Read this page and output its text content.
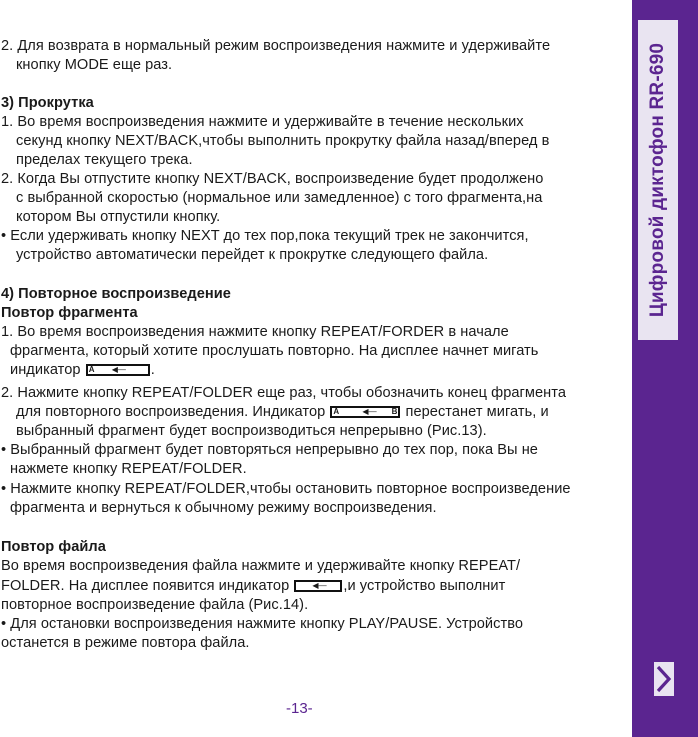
2. Для возврата в нормальный режим воспроизведения нажмите и удерживайте
кнопку MODE еще раз.
3) Прокрутка
1. Во время воспроизведения нажмите и удерживайте в течение нескольких
секунд кнопку NEXT/BACK,чтобы выполнить прокрутку файла назад/вперед в
пределах текущего трека.
2. Когда Вы отпустите кнопку NEXT/BACK, воспроизведение будет продолжено
с выбранной скоростью (нормальное или замедленное) с того фрагмента,на
котором Вы отпустили кнопку.
• Если удерживать кнопку NEXT до тех пор,пока текущий трек не закончится,
устройство автоматически перейдет к прокрутке следующего файла.
4) Повторное воспроизведение
Повтор фрагмента
1. Во время воспроизведения нажмите кнопку REPEAT/FORDER в начале
фрагмента, который хотите прослушать повторно. На дисплее начнет мигать
индикатор A ◀— .
2. Нажмите кнопку REPEAT/FOLDER еще раз, чтобы обозначить конец фрагмента
для повторного воспроизведения. Индикатор A	◀— B перестанет мигать, и
выбранный фрагмент будет воспроизводиться непрерывно (Рис.13).
• Выбранный фрагмент будет повторяться непрерывно до тех пор, пока Вы не
нажмете кнопку REPEAT/FOLDER.
• Нажмите кнопку REPEAT/FOLDER,чтобы остановить повторное воспроизведение
фрагмента и вернуться к обычному режиму воспроизведения.
Повтор файла
Во время воспроизведения файла нажмите и удерживайте кнопку REPEAT/
FOLDER. На дисплее появится индикатор	◀— ,и устройство выполнит
повторное воспроизведение файла (Рис.14).
• Для остановки воспроизведения нажмите кнопку PLAY/PAUSE. Устройство
останется в режиме повтора файла.
-13-
Цифровой диктофон RR-690
